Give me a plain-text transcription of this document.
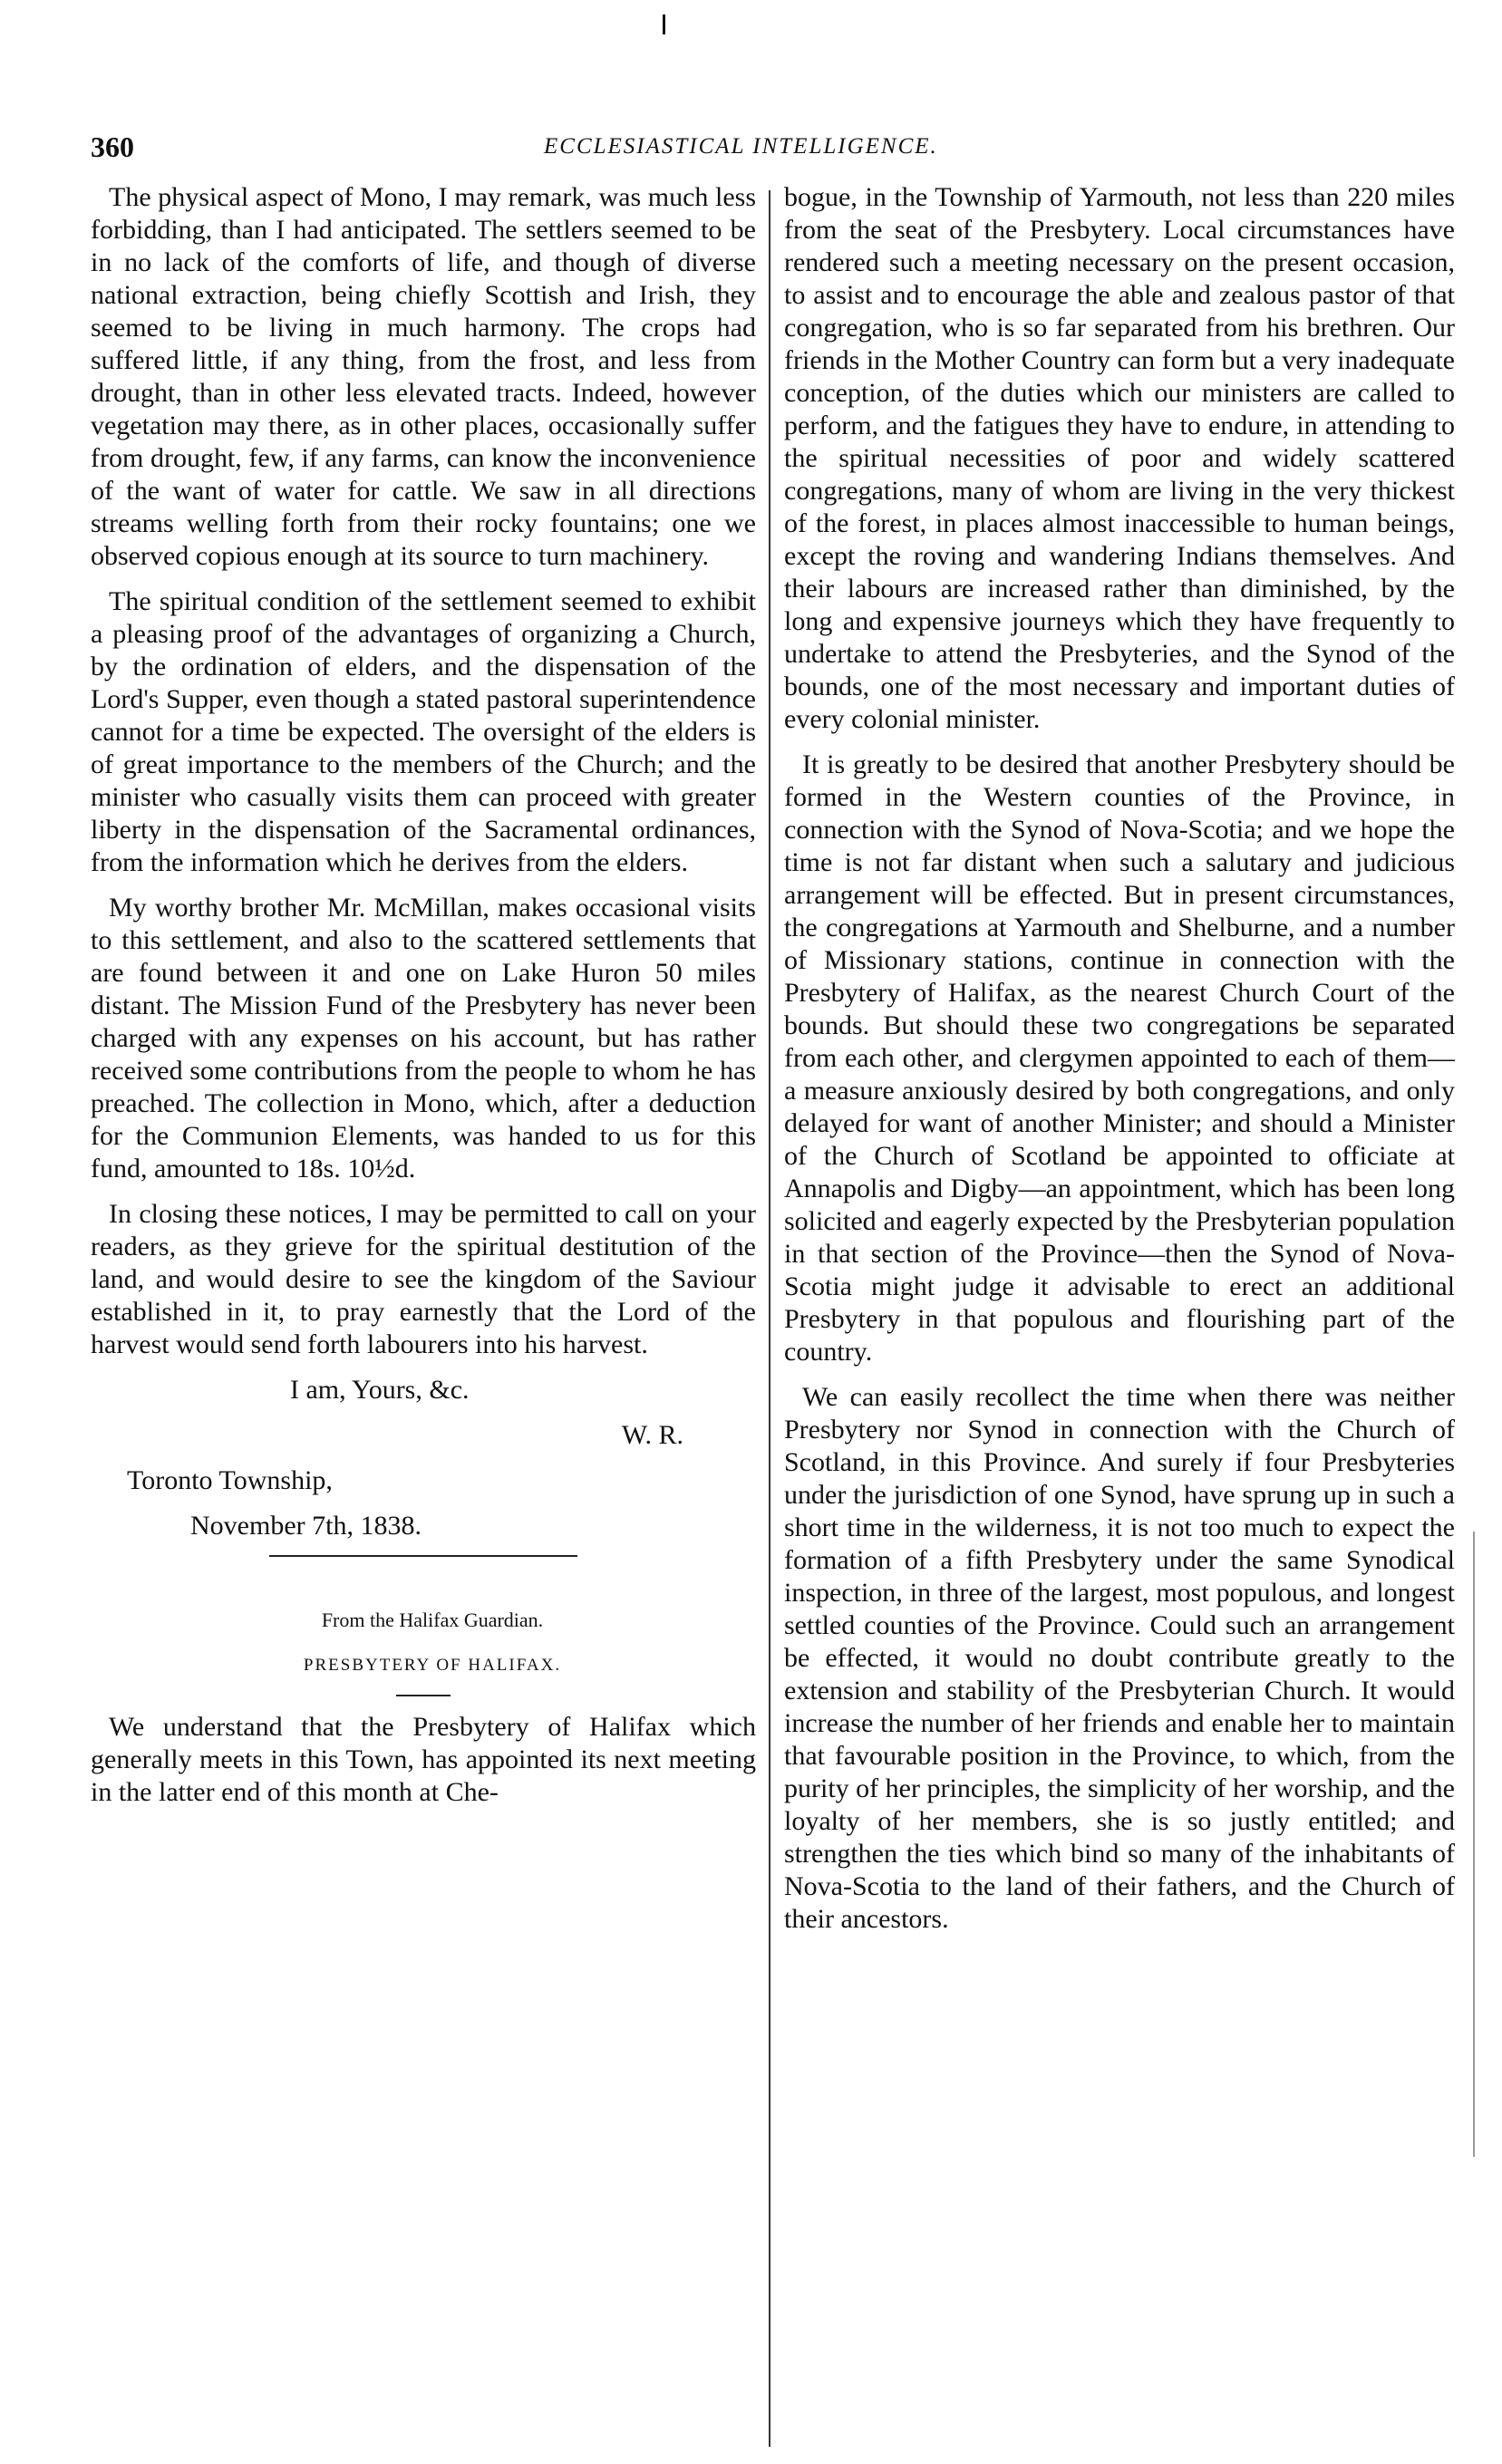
360	ECCLESIASTICAL INTELLIGENCE.

The physical aspect of Mono, I may remark, was much less forbidding, than I had anticipated. The settlers seemed to be in no lack of the comforts of life, and though of diverse national extraction, being chiefly Scottish and Irish, they seemed to be living in much harmony. The crops had suffered little, if any thing, from the frost, and less from drought, than in other less elevated tracts. Indeed, however vegetation may there, as in other places, occasionally suffer from drought, few, if any farms, can know the inconvenience of the want of water for cattle. We saw in all directions streams welling forth from their rocky fountains; one we observed copious enough at its source to turn machinery.

The spiritual condition of the settlement seemed to exhibit a pleasing proof of the advantages of organizing a Church, by the ordination of elders, and the dispensation of the Lord's Supper, even though a stated pastoral superintendence cannot for a time be expected. The oversight of the elders is of great importance to the members of the Church; and the minister who casually visits them can proceed with greater liberty in the dispensation of the Sacramental ordinances, from the information which he derives from the elders.

My worthy brother Mr. McMillan, makes occasional visits to this settlement, and also to the scattered settlements that are found between it and one on Lake Huron 50 miles distant. The Mission Fund of the Presbytery has never been charged with any expenses on his account, but has rather received some contributions from the people to whom he has preached. The collection in Mono, which, after a deduction for the Communion Elements, was handed to us for this fund, amounted to 18s. 10½d.

In closing these notices, I may be permitted to call on your readers, as they grieve for the spiritual destitution of the land, and would desire to see the kingdom of the Saviour established in it, to pray earnestly that the Lord of the harvest would send forth labourers into his harvest.

I am, Yours, &c.

W. R.

Toronto Township,

November 7th, 1838.

From the Halifax Guardian.

PRESBYTERY OF HALIFAX.

We understand that the Presbytery of Halifax which generally meets in this Town, has appointed its next meeting in the latter end of this month at Che-

bogue, in the Township of Yarmouth, not less than 220 miles from the seat of the Presbytery. Local circumstances have rendered such a meeting necessary on the present occasion, to assist and to encourage the able and zealous pastor of that congregation, who is so far separated from his brethren. Our friends in the Mother Country can form but a very inadequate conception, of the duties which our ministers are called to perform, and the fatigues they have to endure, in attending to the spiritual necessities of poor and widely scattered congregations, many of whom are living in the very thickest of the forest, in places almost inaccessible to human beings, except the roving and wandering Indians themselves. And their labours are increased rather than diminished, by the long and expensive journeys which they have frequently to undertake to attend the Presbyteries, and the Synod of the bounds, one of the most necessary and important duties of every colonial minister.

It is greatly to be desired that another Presbytery should be formed in the Western counties of the Province, in connection with the Synod of Nova-Scotia; and we hope the time is not far distant when such a salutary and judicious arrangement will be effected. But in present circumstances, the congregations at Yarmouth and Shelburne, and a number of Missionary stations, continue in connection with the Presbytery of Halifax, as the nearest Church Court of the bounds. But should these two congregations be separated from each other, and clergymen appointed to each of them—a measure anxiously desired by both congregations, and only delayed for want of another Minister; and should a Minister of the Church of Scotland be appointed to officiate at Annapolis and Digby—an appointment, which has been long solicited and eagerly expected by the Presbyterian population in that section of the Province—then the Synod of Nova-Scotia might judge it advisable to erect an additional Presbytery in that populous and flourishing part of the country.

We can easily recollect the time when there was neither Presbytery nor Synod in connection with the Church of Scotland, in this Province. And surely if four Presbyteries under the jurisdiction of one Synod, have sprung up in such a short time in the wilderness, it is not too much to expect the formation of a fifth Presbytery under the same Synodical inspection, in three of the largest, most populous, and longest settled counties of the Province. Could such an arrangement be effected, it would no doubt contribute greatly to the extension and stability of the Presbyterian Church. It would increase the number of her friends and enable her to maintain that favourable position in the Province, to which, from the purity of her principles, the simplicity of her worship, and the loyalty of her members, she is so justly entitled; and strengthen the ties which bind so many of the inhabitants of Nova-Scotia to the land of their fathers, and the Church of their ancestors.
